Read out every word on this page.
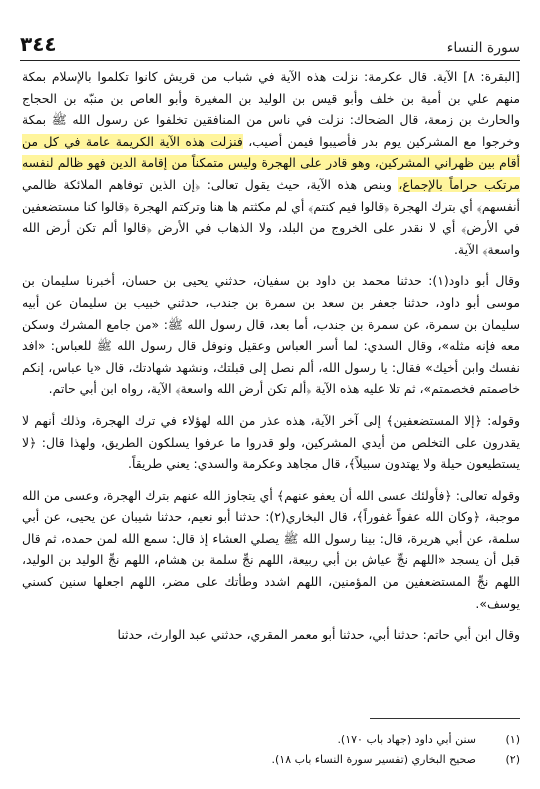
٣٤٤	سورة النساء

[البقرة: ٨] الآية. قال عكرمة: نزلت هذه الآية في شباب من قريش كانوا تكلموا بالإسلام بمكة منهم علي بن أمية بن خلف وأبو قيس بن الوليد بن المغيرة وأبو العاص بن منبّه بن الحجاج والحارث بن زمعة، قال الضحاك: نزلت في ناس من المنافقين تخلفوا عن رسول الله ﷺ بمكة وخرجوا مع المشركين يوم بدر فأصيبوا فيمن أصيب، فنزلت هذه الآية الكريمة عامة في كل من أقام بين ظهراني المشركين، وهو قادر على الهجرة وليس متمكناً من إقامة الدين فهو ظالم لنفسه مرتكب حراماً بالإجماع، وبنص هذه الآية، حيث يقول تعالى: ﴿إن الذين توفاهم الملائكة ظالمي أنفسهم﴾ أي بترك الهجرة ﴿قالوا فيم كنتم﴾ أي لم مكثتم ها هنا وتركتم الهجرة ﴿قالوا كنا مستضعفين في الأرض﴾ أي لا نقدر على الخروج من البلد، ولا الذهاب في الأرض ﴿قالوا ألم تكن أرض الله واسعة﴾ الآية.

وقال أبو داود(١): حدثنا محمد بن داود بن سفيان، حدثني يحيى بن حسان، أخبرنا سليمان بن موسى أبو داود، حدثنا جعفر بن سعد بن سمرة بن جندب، حدثني خبيب بن سليمان عن أبيه سليمان بن سمرة، عن سمرة بن جندب، أما بعد، قال رسول الله ﷺ: «من جامع المشرك وسكن معه فإنه مثله»، وقال السدي: لما أسر العباس وعقيل ونوفل قال رسول الله ﷺ للعباس: «افد نفسك وابن أخيك» فقال: يا رسول الله، ألم نصل إلى قبلتك، ونشهد شهادتك، قال «يا عباس، إنكم خاصمتم فخصمتم»، ثم تلا عليه هذه الآية ﴿ألم تكن أرض الله واسعة﴾ الآية، رواه ابن أبي حاتم.

وقوله: ﴿إلا المستضعفين﴾ إلى آخر الآية، هذه عذر من الله لهؤلاء في ترك الهجرة، وذلك أنهم لا يقدرون على التخلص من أيدي المشركين، ولو قدروا ما عرفوا يسلكون الطريق، ولهذا قال: ﴿لا يستطيعون حيلة ولا يهتدون سبيلاً﴾، قال مجاهد وعكرمة والسدي: يعني طريقاً.

وقوله تعالى: ﴿فأولئك عسى الله أن يعفو عنهم﴾ أي يتجاوز الله عنهم بترك الهجرة، وعسى من الله موجبة، ﴿وكان الله عفواً غفوراً﴾، قال البخاري(٢): حدثنا أبو نعيم، حدثنا شيبان عن يحيى، عن أبي سلمة، عن أبي هريرة، قال: بينا رسول الله ﷺ يصلي العشاء إذ قال: سمع الله لمن حمده، ثم قال قبل أن يسجد «اللهم نجِّ عياش بن أبي ربيعة، اللهم نجِّ سلمة بن هشام، اللهم نجِّ الوليد بن الوليد، اللهم نجِّ المستضعفين من المؤمنين، اللهم اشدد وطأتك على مضر، اللهم اجعلها سنين كسني يوسف».

وقال ابن أبي حاتم: حدثنا أبي، حدثنا أبو معمر المقري، حدثني عبد الوارث، حدثنا

(١)
سنن أبي داود (جهاد باب ١٧٠).
(٢)
صحيح البخاري (تفسير سورة النساء باب ١٨).
